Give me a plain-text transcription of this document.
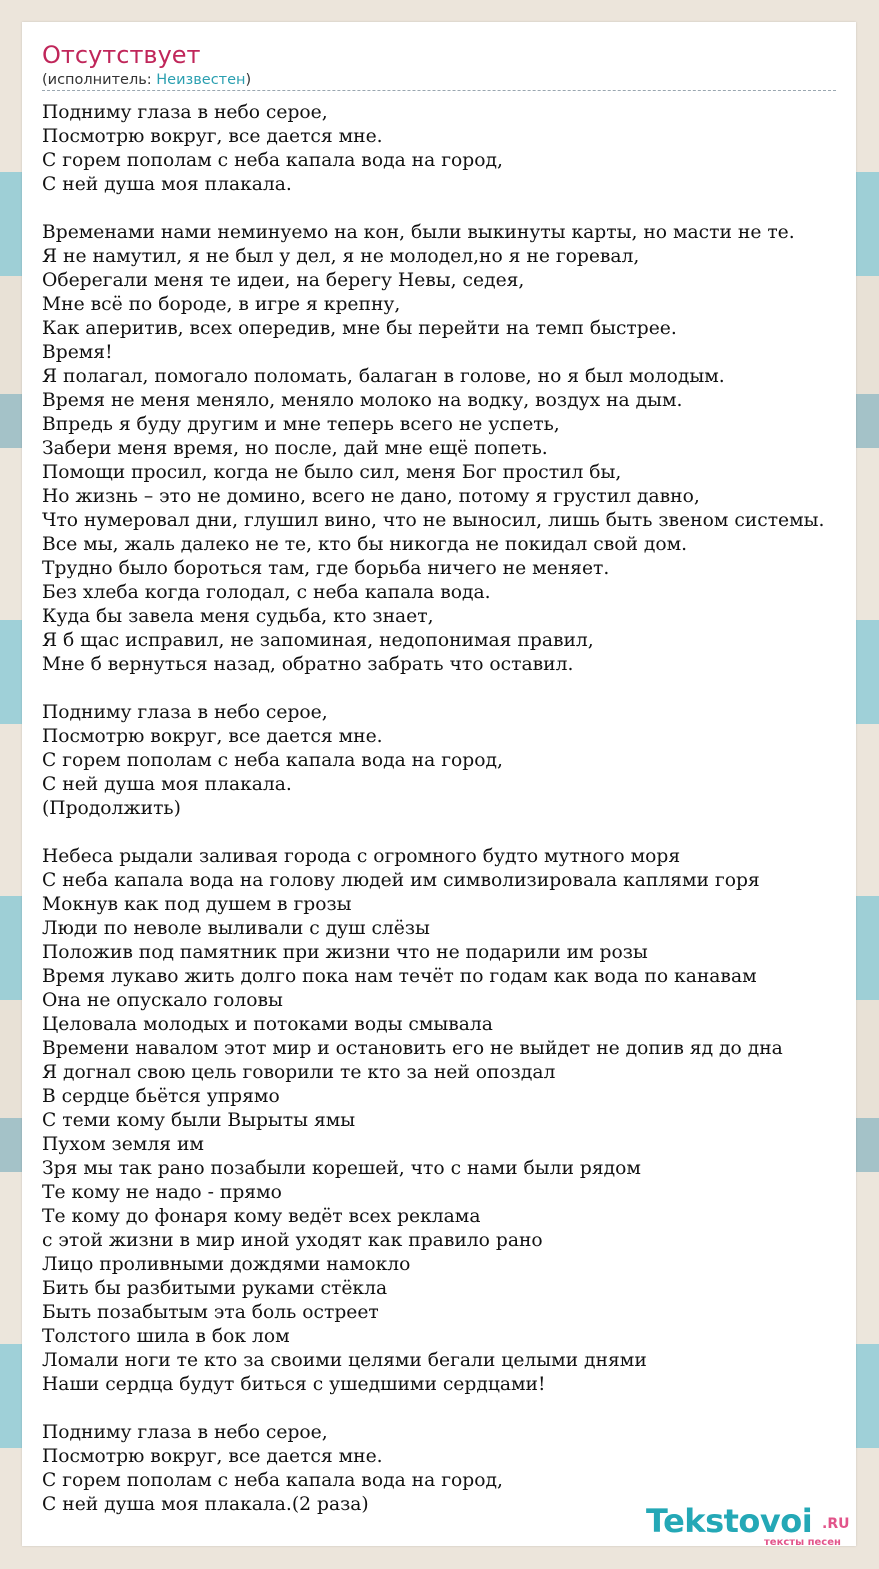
Отсутствует
(исполнитель: Неизвестен)
Подниму глаза в небо серое,
Посмотрю вокруг, все дается мне.
С горем пополам с неба капала вода на город,
С ней душа моя плакала.
Временами нами неминуемо на кон, были выкинуты карты, но масти не те.
Я не намутил, я не был у дел, я не молодел,но я не горевал,
Оберегали меня те идеи, на берегу Невы, седея,
Мне всё по бороде, в игре я крепну,
Как аперитив, всех опередив, мне бы перейти на темп быстрее.
Время!
Я полагал, помогало поломать, балаган в голове, но я был молодым.
Время не меня меняло, меняло молоко на водку, воздух на дым.
Впредь я буду другим и мне теперь всего не успеть,
Забери меня время, но после, дай мне ещё попеть.
Помощи просил, когда не было сил, меня Бог простил бы,
Но жизнь – это не домино, всего не дано, потому я грустил давно,
Что нумеровал дни, глушил вино, что не выносил, лишь быть звеном системы.
Все мы, жаль далеко не те, кто бы никогда не покидал свой дом.
Трудно было бороться там, где борьба ничего не меняет.
Без хлеба когда голодал, с неба капала вода.
Куда бы завела меня судьба, кто знает,
Я б щас исправил, не запоминая, недопонимая правил,
Мне б вернуться назад, обратно забрать что оставил.
Подниму глаза в небо серое,
Посмотрю вокруг, все дается мне.
С горем пополам с неба капала вода на город,
С ней душа моя плакала.
(Продолжить)
Небеса рыдали заливая города с огромного будто мутного моря
С неба капала вода на голову людей им символизировала каплями горя
Мокнув как под душем в грозы
Люди по неволе выливали с душ слёзы
Положив под памятник при жизни что не подарили им розы
Время лукаво жить долго пока нам течёт по годам как вода по канавам
Она не опускало головы
Целовала молодых и потоками воды смывала
Времени навалом этот мир и остановить его не выйдет не допив яд до дна
Я догнал свою цель говорили те кто за ней опоздал
В сердце бьётся упрямо
С теми кому были Вырыты ямы
Пухом земля им
Зря мы так рано позабыли корешей, что с нами были рядом
Те кому не надо - прямо
Те кому до фонаря кому ведёт всех реклама
с этой жизни в мир иной уходят как правило рано
Лицо проливными дождями намокло
Бить бы разбитыми руками стёкла
Быть позабытым эта боль остреет
Толстого шила в бок лом
Ломали ноги те кто за своими целями бегали целыми днями
Наши сердца будут биться с ушедшими сердцами!
Подниму глаза в небо серое,
Посмотрю вокруг, все дается мне.
С горем пополам с неба капала вода на город,
С ней душа моя плакала.(2 раза)	Tekstovoi .RU
тексты песен
